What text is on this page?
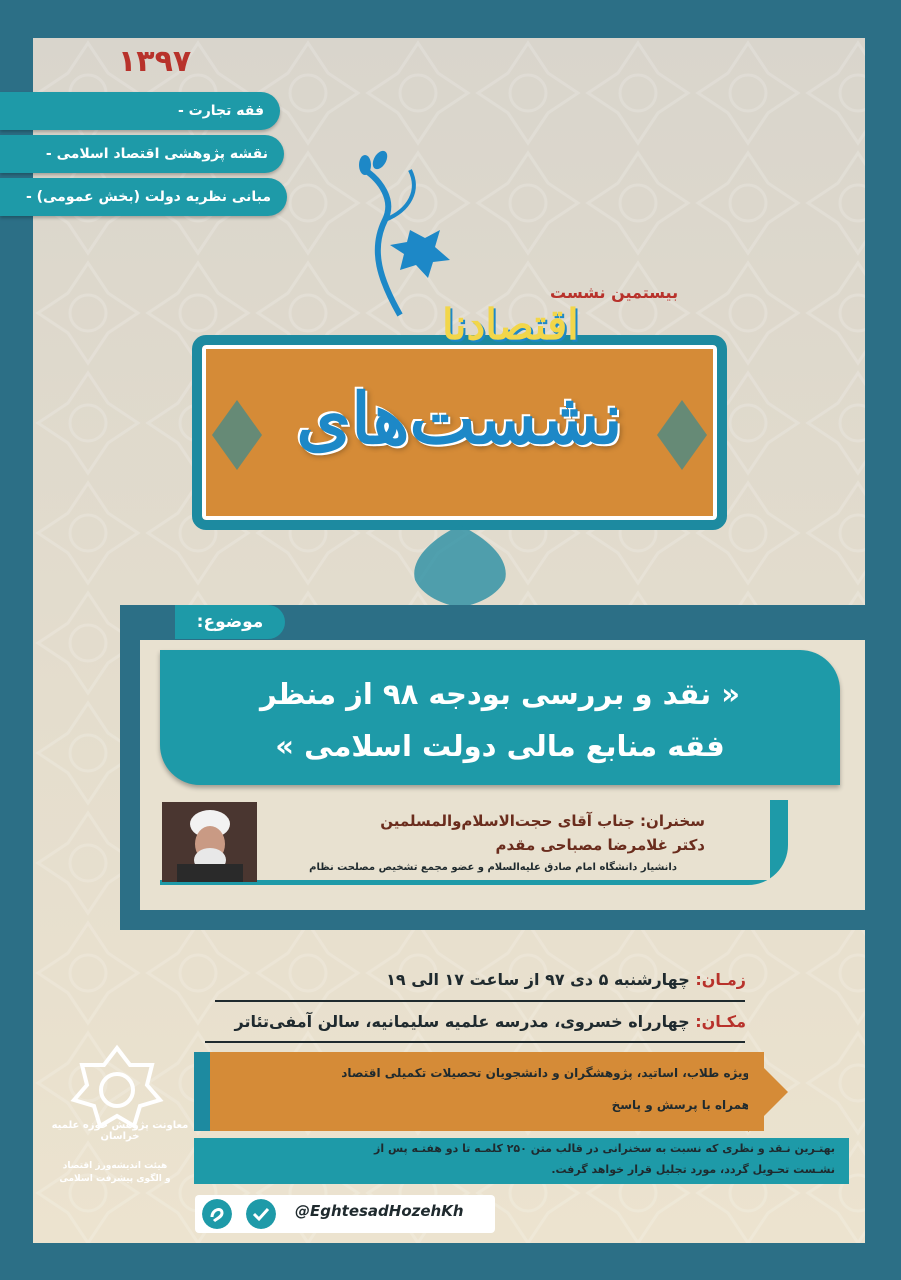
۱۳۹۷
فقه تجارت -
نقشه پژوهشی اقتصاد اسلامی -
مبانی نظریه دولت (بخش عمومی) -
بیستمین نشست
اقتصادنا
نشست‌های
موضوع:
« نقد و بررسی بودجه ۹۸ از منظر
فقه منابع مالی دولت اسلامی »
سخنران: جناب آقای حجت‌الاسلام‌والمسلمین
دکتر غلامرضا مصباحی مقدم
دانشیار دانشگاه امام صادق علیه‌السلام و عضو مجمع تشخیص مصلحت نظام
زمـان: چهارشنبه ۵ دی ۹۷ از ساعت ۱۷ الی ۱۹
مکـان: چهارراه خسروی، مدرسه علمیه سلیمانیه، سالن آمفی‌تئاتر
ویژه طلاب، اساتید، پژوهشگران و دانشجویان تحصیلات تکمیلی اقتصاد
همراه با پرسش و پاسخ
بهتـرین نـقد و نظری که نسبت به سخنرانی در قالب متن ۲۵۰ کلمـه تا دو هفتـه پس از
نشـست تحـویل گردد، مورد تجلیل قرار خواهد گرفت.
@EghtesadHozehKh
معاونت پژوهش حوزه علمیه خراسان
هیئت اندیشه‌ورز اقتصاد
و الگوی پیشرفت اسلامی
